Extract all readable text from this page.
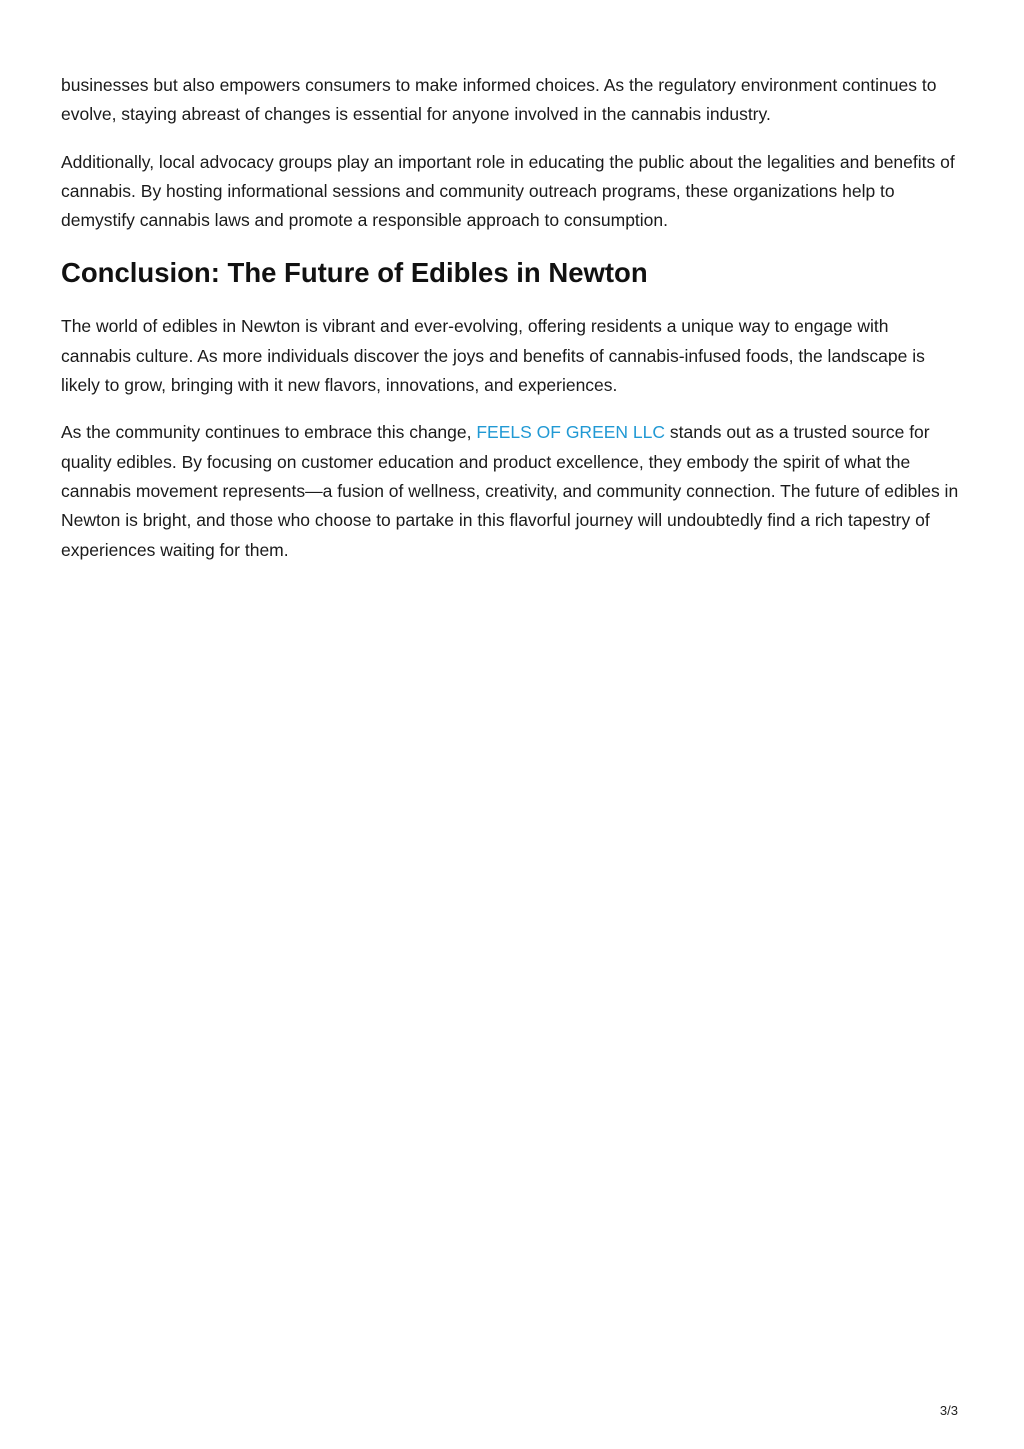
businesses but also empowers consumers to make informed choices. As the regulatory environment continues to evolve, staying abreast of changes is essential for anyone involved in the cannabis industry.

Additionally, local advocacy groups play an important role in educating the public about the legalities and benefits of cannabis. By hosting informational sessions and community outreach programs, these organizations help to demystify cannabis laws and promote a responsible approach to consumption.

Conclusion: The Future of Edibles in Newton

The world of edibles in Newton is vibrant and ever-evolving, offering residents a unique way to engage with cannabis culture. As more individuals discover the joys and benefits of cannabis-infused foods, the landscape is likely to grow, bringing with it new flavors, innovations, and experiences.

As the community continues to embrace this change, FEELS OF GREEN LLC stands out as a trusted source for quality edibles. By focusing on customer education and product excellence, they embody the spirit of what the cannabis movement represents—a fusion of wellness, creativity, and community connection. The future of edibles in Newton is bright, and those who choose to partake in this flavorful journey will undoubtedly find a rich tapestry of experiences waiting for them.

3/3
